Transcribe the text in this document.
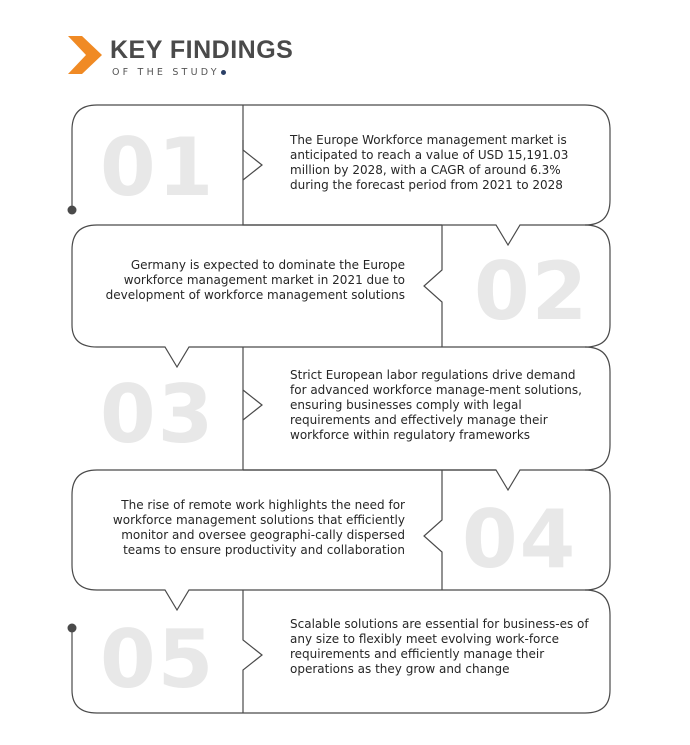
KEY FINDINGS
OF THE STUDY
01
02
03
04
05
The Europe Workforce management market is anticipated to reach a value of USD 15,191.03 million by 2028, with a CAGR of around 6.3% during the forecast period from 2021 to 2028
Germany is expected to dominate the Europe workforce management market in 2021 due to development of workforce management solutions
Strict European labor regulations drive demand for advanced workforce manage-ment solutions, ensuring businesses comply with legal requirements and effectively manage their workforce within regulatory frameworks
The rise of remote work highlights the need for workforce management solutions that efficiently monitor and oversee geographi-cally dispersed teams to ensure productivity and collaboration
Scalable solutions are essential for business-es of any size to flexibly meet evolving work-force requirements and efficiently manage their operations as they grow and change
